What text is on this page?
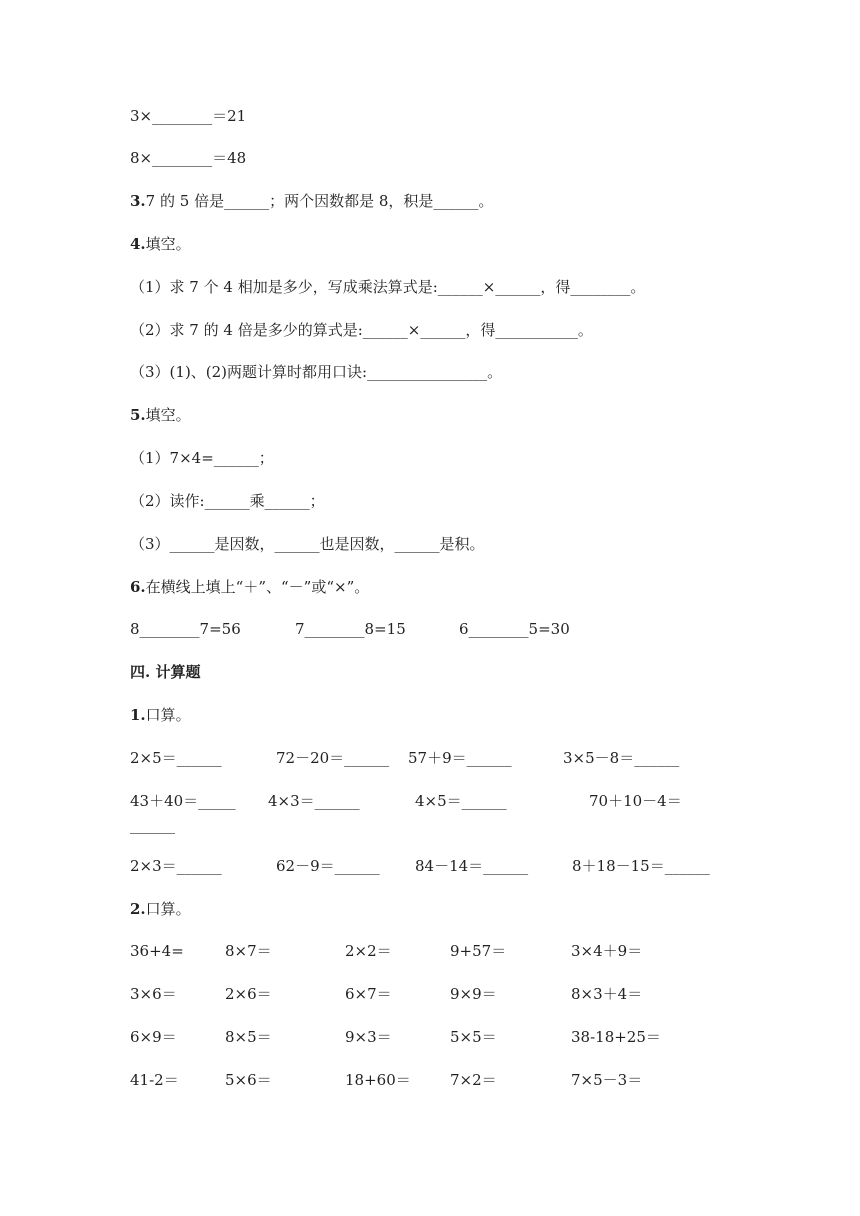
3×________＝21
8×________＝48
3.7 的 5 倍是______；两个因数都是 8，积是______。
4.填空。
（1）求 7 个 4 相加是多少，写成乘法算式是:______×______，得________。
（2）求 7 的 4 倍是多少的算式是:______×______，得___________。
（3）(1)、(2)两题计算时都用口诀:________________。
5.填空。
（1）7×4=______；
（2）读作:______乘______；
（3）______是因数，______也是因数，______是积。
6.在横线上填上“＋”、“－”或“×”。
8________7=56	7________8=15	6________5=30
四. 计算题
1.口算。
2×5＝______	72－20＝______ 57＋9＝______	3×5－8＝______
43＋40＝_____ 4×3＝______	4×5＝______	70＋10－4＝
______
2×3＝______	62－9＝______ 84－14＝______	8＋18－15＝______
2.口算。
36+4=	8×7＝	2×2＝	9+57＝	3×4＋9＝
3×6＝	2×6＝	6×7＝	9×9＝	8×3＋4＝
6×9＝	8×5＝	9×3＝	5×5＝	38-18+25＝
41-2＝	5×6＝	18+60＝	7×2＝	7×5－3＝
